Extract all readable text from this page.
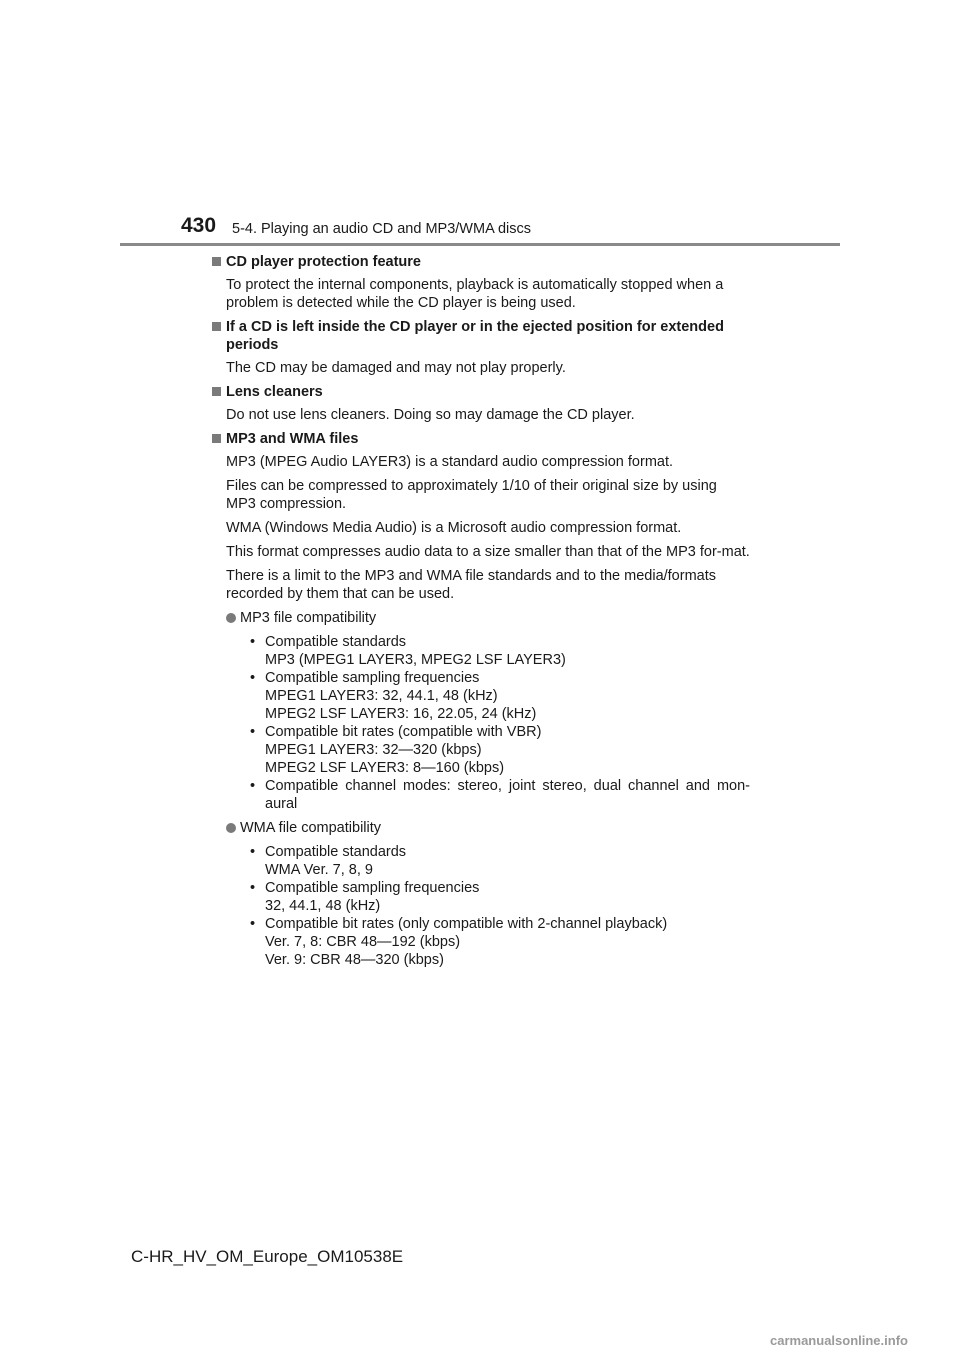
430 5-4. Playing an audio CD and MP3/WMA discs
CD player protection feature
To protect the internal components, playback is automatically stopped when a problem is detected while the CD player is being used.
If a CD is left inside the CD player or in the ejected position for extended periods
The CD may be damaged and may not play properly.
Lens cleaners
Do not use lens cleaners. Doing so may damage the CD player.
MP3 and WMA files
MP3 (MPEG Audio LAYER3) is a standard audio compression format.
Files can be compressed to approximately 1/10 of their original size by using MP3 compression.
WMA (Windows Media Audio) is a Microsoft audio compression format.
This format compresses audio data to a size smaller than that of the MP3 for-mat.
There is a limit to the MP3 and WMA file standards and to the media/formats recorded by them that can be used.
MP3 file compatibility
• Compatible standards
MP3 (MPEG1 LAYER3, MPEG2 LSF LAYER3)
• Compatible sampling frequencies
MPEG1 LAYER3: 32, 44.1, 48 (kHz)
MPEG2 LSF LAYER3: 16, 22.05, 24 (kHz)
• Compatible bit rates (compatible with VBR)
MPEG1 LAYER3: 32—320 (kbps)
MPEG2 LSF LAYER3: 8—160 (kbps)
• Compatible channel modes: stereo, joint stereo, dual channel and mon-
aural
WMA file compatibility
• Compatible standards
WMA Ver. 7, 8, 9
• Compatible sampling frequencies
32, 44.1, 48 (kHz)
• Compatible bit rates (only compatible with 2-channel playback)
Ver. 7, 8: CBR 48—192 (kbps)
Ver. 9: CBR 48—320 (kbps)
C-HR_HV_OM_Europe_OM10538E
carmanualsonline.info
